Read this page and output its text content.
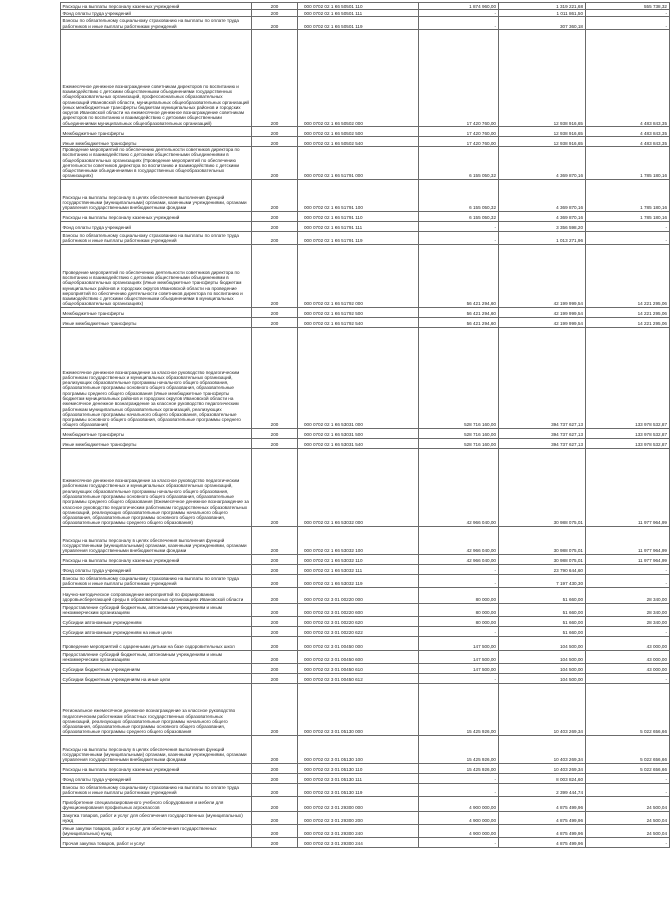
Расходы на выплаты персоналу казенных учреждений	200	000 0702 02 1 К6 50501 110	1 874 960,00	1 319 221,68	555 738,32
Фонд оплаты труда учреждений	200	000 0702 02 1 К6 50501 111	-	1 011 861,50	-
Взносы по обязательному социальному страхованию на выплаты по оплате труда работников и иные выплаты работникам учреждений	200	000 0702 02 1 К6 50501 119	-	307 360,18	-
Ежемесячное денежное вознаграждение советникам директоров по воспитанию и взаимодействию с детскими общественными объединениями государственных общеобразовательных организаций, профессиональных образовательных организаций Ивановской области, муниципальных общеобразовательных организаций (иных межбюджетные трансферты бюджетам муниципальных районов и городских округов Ивановской области на ежемесячное денежное вознаграждение советникам директоров по воспитанию и взаимодействию с детскими общественными объединениями муниципальных общеобразовательных организаций)	200	000 0702 02 1 К6 50502 000	17 420 760,00	12 938 916,65	4 483 843,35
Межбюджетные трансферты	200	000 0702 02 1 К6 50502 500	17 420 760,00	12 938 916,65	4 483 843,35
Иные межбюджетные трансферты	200	000 0702 02 1 К6 50502 540	17 420 760,00	12 938 916,65	4 483 843,35
Проведение мероприятий по обеспечению деятельности советников директора по воспитанию и взаимодействию с детскими общественными объединениями в общеобразовательных организациях (Проведение мероприятий по обеспечению деятельности советников директора по воспитанию и взаимодействию с детскими общественными объединениями в государственных общеобразовательных организациях)	200	000 0702 02 1 К6 51791 000	6 155 050,32	4 369 870,16	1 785 180,16
Расходы на выплаты персоналу в целях обеспечения выполнения функций государственными (муниципальными) органами, казенными учреждениями, органами управления государственными внебюджетными фондами	200	000 0702 02 1 К6 51791 100	6 155 050,32	4 369 870,16	1 785 180,16
Расходы на выплаты персоналу казенных учреждений	200	000 0702 02 1 К6 51791 110	6 155 050,32	4 369 870,16	1 785 180,16
Фонд оплаты труда учреждений	200	000 0702 02 1 К6 51791 111	-	3 356 598,20	-
Взносы по обязательному социальному страхованию на выплаты по оплате труда работников и иные выплаты работникам учреждений	200	000 0702 02 1 К6 51791 119	-	1 013 271,96	-
Проведение мероприятий по обеспечению деятельности советников директора по воспитанию и взаимодействию с детскими общественными объединениями в общеобразовательных организациях (Иные межбюджетные трансферты бюджетам муниципальных районов и городских округов Ивановской области на проведение мероприятий по обеспечению деятельности советников директора по воспитанию и взаимодействию с детскими общественными объединениями в муниципальных общеобразовательных организациях)	200	000 0702 02 1 К6 51792 000	56 421 294,60	42 199 999,54	14 221 295,06
Межбюджетные трансферты	200	000 0702 02 1 К6 51792 500	56 421 294,60	42 199 999,54	14 221 295,06
Иные межбюджетные трансферты	200	000 0702 02 1 К6 51792 540	56 421 294,60	42 199 999,54	14 221 295,06
Ежемесячное денежное вознаграждение за классное руководство педагогическим работникам государственных и муниципальных образовательных организаций, реализующих образовательные программы начального общего образования, образовательные программы основного общего образования, образовательные программы среднего общего образования (Иные межбюджетные трансферты бюджетам муниципальных районов и городских округов Ивановской области на ежемесячное денежное вознаграждение за классное руководство педагогическим работникам муниципальных образовательных организаций, реализующих образовательные программы начального общего образования, образовательные программы основного общего образования, образовательные программы среднего общего образования)	200	000 0702 02 1 К6 53031 000	528 716 160,00	394 737 627,13	133 978 532,87
Межбюджетные трансферты	200	000 0702 02 1 К6 53031 500	528 716 160,00	394 737 627,13	133 978 532,87
Иные межбюджетные трансферты	200	000 0702 02 1 К6 53031 540	528 716 160,00	394 737 627,13	133 978 532,87
Ежемесячное денежное вознаграждение за классное руководство педагогическим работникам государственных и муниципальных образовательных организаций, реализующих образовательные программы начального общего образования, образовательные программы основного общего образования, образовательные программы среднего общего образования (Ежемесячное денежное вознаграждение за классное руководство педагогическим работникам государственных образовательных организаций, реализующих образовательные программы начального общего образования, образовательные программы основного общего образования, образовательные программы среднего общего образования)	200	000 0702 02 1 К6 53032 000	42 966 040,00	30 988 075,01	11 977 964,99
Расходы на выплаты персоналу в целях обеспечения выполнения функций государственными (муниципальными) органами, казенными учреждениями, органами управления государственными внебюджетными фондами	200	000 0702 02 1 К6 53032 100	42 966 040,00	30 988 075,01	11 977 964,99
Расходы на выплаты персоналу казенных учреждений	200	000 0702 02 1 К6 53032 110	42 966 040,00	30 988 075,01	11 977 964,99
Фонд оплаты труда учреждений	200	000 0702 02 1 К6 53032 111	-	23 790 644,60	-
Взносы по обязательному социальному страхованию на выплаты по оплате труда работников и иные выплаты работникам учреждений	200	000 0702 02 1 К6 53032 119	-	7 197 430,30	-
Научно-методическое сопровождение мероприятий по формированию здоровьесберегающей среды в образовательных организациях Ивановской области	200	000 0702 02 3 01 00220 000	80 000,00	51 660,00	28 340,00
Предоставление субсидий бюджетным, автономным учреждениям и иным некоммерческим организациям	200	000 0702 02 3 01 00220 600	80 000,00	51 660,00	28 340,00
Субсидии автономным учреждениям	200	000 0702 02 3 01 00220 620	80 000,00	51 660,00	28 340,00
Субсидии автономным учреждениям на иные цели	200	000 0702 02 3 01 00220 622	-	51 660,00	-
Проведение мероприятий с одаренными детьми на базе оздоровительных школ	200	000 0702 02 3 01 00450 000	147 500,00	104 500,00	43 000,00
Предоставление субсидий бюджетным, автономным учреждениям и иным некоммерческим организациям	200	000 0702 02 3 01 00450 600	147 500,00	104 500,00	43 000,00
Субсидии бюджетным учреждениям	200	000 0702 02 3 01 00450 610	147 500,00	104 500,00	43 000,00
Субсидии бюджетным учреждениям на иные цели	200	000 0702 02 3 01 00450 612	-	104 500,00	-
Региональное ежемесячное денежное вознаграждение за классное руководство педагогическим работникам областных государственных образовательных организаций, реализующих образовательные программы начального общего образования, образовательные программы основного общего образования, образовательные программы среднего общего образования	200	000 0702 02 3 01 05130 000	15 425 926,00	10 403 269,34	5 022 656,66
Расходы на выплаты персоналу в целях обеспечения выполнения функций государственными (муниципальными) органами, казенными учреждениями, органами управления государственными внебюджетными фондами	200	000 0702 02 3 01 05130 100	15 425 926,00	10 403 269,34	5 022 656,66
Расходы на выплаты персоналу казенных учреждений	200	000 0702 02 3 01 05130 110	15 425 926,00	10 403 269,34	5 022 656,66
Фонд оплаты труда учреждений	200	000 0702 02 3 01 05130 111	-	8 003 824,60	-
Взносы по обязательному социальному страхованию на выплаты по оплате труда работников и иные выплаты работникам учреждений	200	000 0702 02 3 01 05130 119	-	2 399 444,74	-
Приобретение специализированного учебного оборудования и мебели для функционирования профильных агроклассов	200	000 0702 02 3 01 29300 000	4 900 000,00	4 875 499,96	24 500,04
Закупка товаров, работ и услуг для обеспечения государственных (муниципальных) нужд	200	000 0702 02 3 01 29300 200	4 900 000,00	4 875 499,96	24 500,04
Иные закупки товаров, работ и услуг для обеспечения государственных (муниципальных) нужд	200	000 0702 02 3 01 29300 240	4 900 000,00	4 875 499,96	24 500,04
Прочая закупка товаров, работ и услуг	200	000 0702 02 3 01 29300 244	-	4 875 499,96	-
